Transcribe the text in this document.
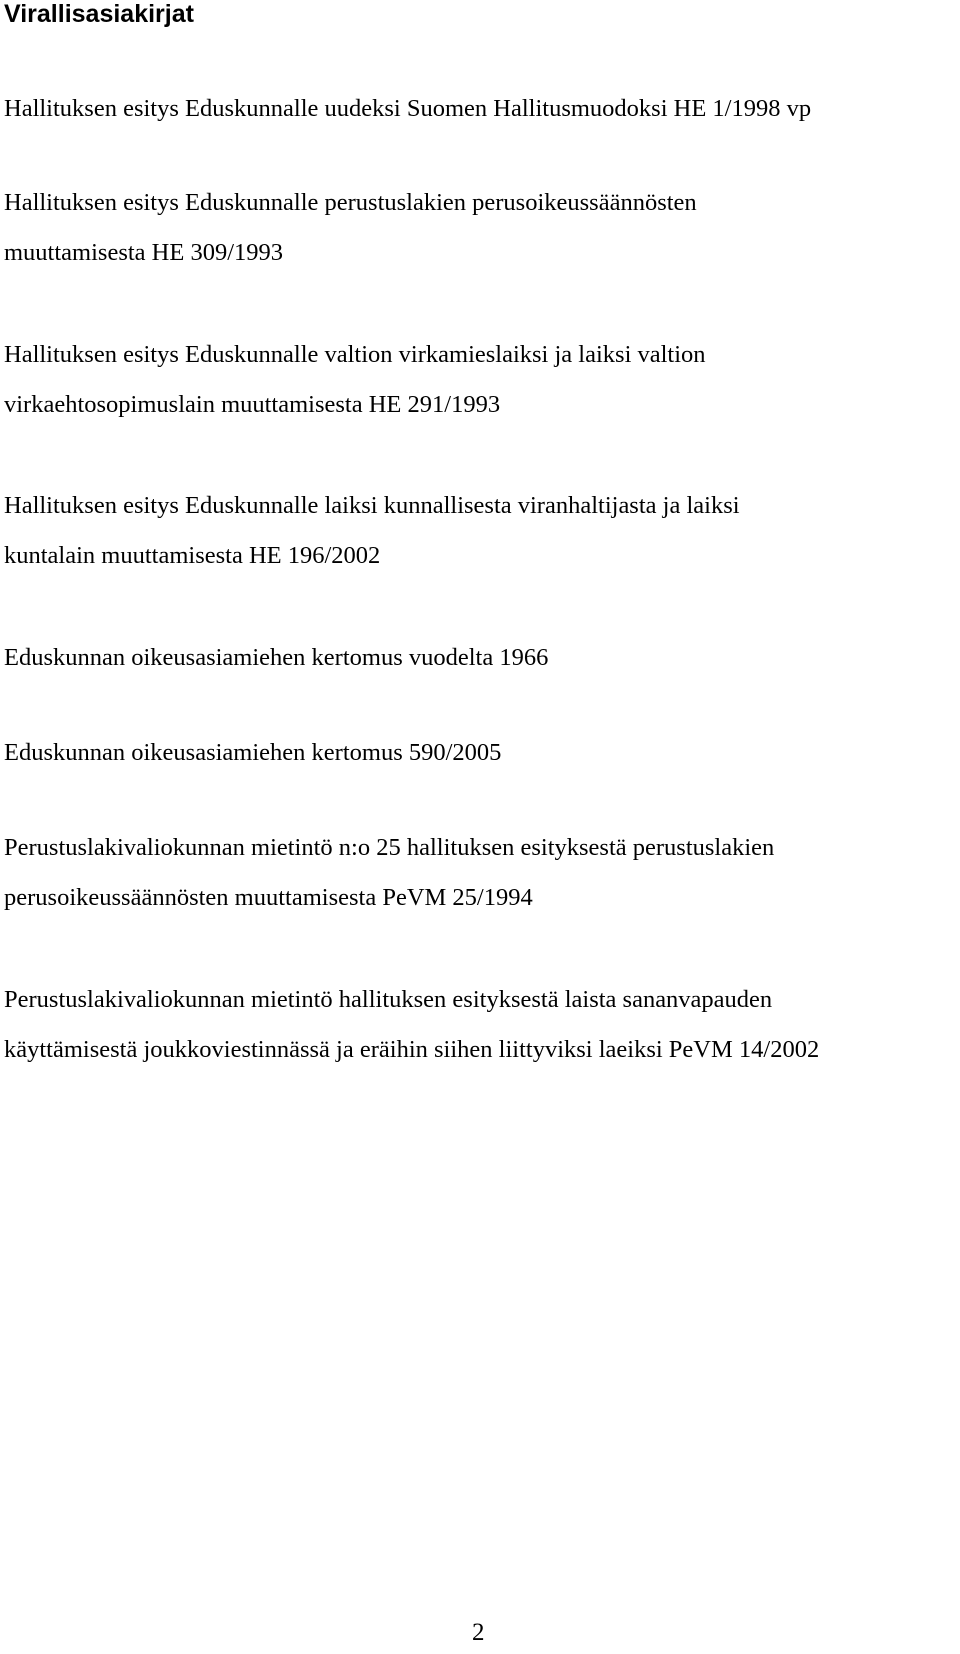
Virallisasiakirjat

Hallituksen esitys Eduskunnalle uudeksi Suomen Hallitusmuodoksi HE 1/1998 vp

Hallituksen esitys Eduskunnalle perustuslakien perusoikeussäännösten
muuttamisesta HE 309/1993

Hallituksen esitys Eduskunnalle valtion virkamieslaiksi ja laiksi valtion
virkaehtosopimuslain muuttamisesta HE 291/1993

Hallituksen esitys Eduskunnalle laiksi kunnallisesta viranhaltijasta ja laiksi
kuntalain muuttamisesta HE 196/2002

Eduskunnan oikeusasiamiehen kertomus vuodelta 1966

Eduskunnan oikeusasiamiehen kertomus 590/2005

Perustuslakivaliokunnan mietintö n:o 25 hallituksen esityksestä perustuslakien
perusoikeussäännösten muuttamisesta PeVM 25/1994

Perustuslakivaliokunnan mietintö hallituksen esityksestä laista sananvapauden
käyttämisestä joukkoviestinnässä ja eräihin siihen liittyviksi laeiksi PeVM 14/2002

2
